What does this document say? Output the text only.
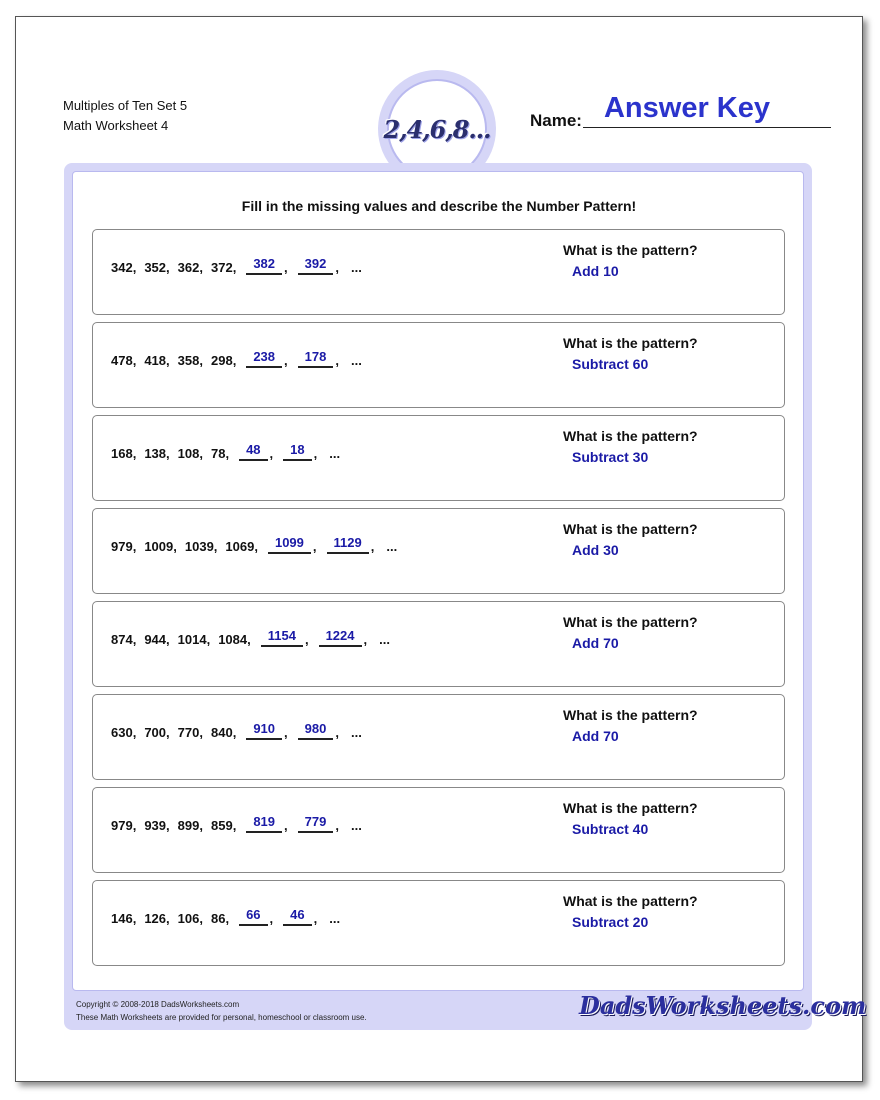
Multiples of Ten Set 5
Math Worksheet 4	2,4,6,8...
Answer Key
Name:
Fill in the missing values and describe the Number Pattern!
342 , 352 , 362 , 372 ,	382 ,	392 , ...
What is the pattern?
Add 10
478 , 418 , 358 , 298 ,	238 ,	178 , ...
What is the pattern?
Subtract 60
168 , 138 , 108 , 78 ,	48 ,	18 , ...
What is the pattern?
Subtract 30
979 , 1009 , 1039 , 1069 ,	1099 ,	1129 , ...
What is the pattern?
Add 30
874 , 944 , 1014 , 1084 ,	1154 ,	1224 , ...
What is the pattern?
Add 70
630 , 700 , 770 , 840 ,	910 ,	980 , ...
What is the pattern?
Add 70
979 , 939 , 899 , 859 ,	819 ,	779 , ...
What is the pattern?
Subtract 40
146 , 126 , 106 , 86 ,	66 ,	46 , ...
What is the pattern?
Subtract 20
Copyright © 2008-2018 DadsWorksheets.com
These Math Worksheets are provided for personal, homeschool or classroom use.	DadsWorksheets.com
